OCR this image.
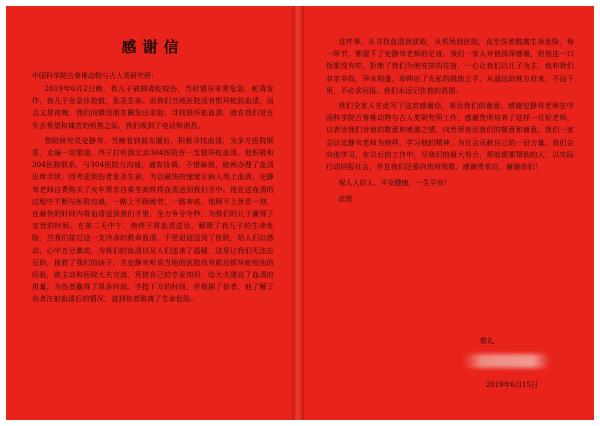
感谢信

中国科学院古脊椎动物与古人类研究所：

2019年6月2日晚，我儿子被剧毒蛇咬伤，当时情况非常危急，蛇毒发作，我儿子在急诊抢救，危及生命。而我们当地医院没有银环蛇抗血清，而且又是夜晚，我们向微信朋友圈发出求助，寻找银环蛇血清，就在我们处在失去希望和痛苦的煎熬之际，我们收到了电话和消息。

您院研究员史静耸，当晚看到朋友圈后，积极寻找血清，为多方医院联系，走遍一切渠道，终于打听到北京304医院有一支银环蛇血清，他积极和304医院联系，与304医院方沟通，通宵协调，不惜麻烦，破例办理了血清出库手续，因考虑到伤者危及生命，为以最快的速度让病人用上血清，史静耸老师自费购买了火车票亲自乘坐高铁将血清送到我们手中。他在送血清的过程中不断与医院沟通，一路上不顾疲劳，一路奔波，他顾不上休息一刻，在最快的时间内将血清送到我们手里，全力争分夺秒，为我们的儿子赢得了宝贵的时间。在第二天中午，他终于将血清送达，解除了我儿子的生命危险，当我们接过这一支冷冻的救命血清，千里迢迢送到了医院，给人们以感动，心中万分激动，为我们的血清以及人们送来了温暖，这是让我们无法忘记的，拯救了我们的孩子。当史静耸听说当地的医院没有救治银环蛇咬伤的经验，就主动和医院大夫交流，凭借自己的专业知识，给大夫建议了血清的用量，为伤者赢得了很多时间。手指下方的时间，并根据了伤者，他了解了伤者注射血清后的情况，直到伤者脱离了生命危险。

这件事，从寻找血清到获取，从机场到医院，直至伤者脱离生命危险，每一环节，都留下了史静耸老师的足迹。我们一家人对他深深感谢，但他连一口饭都没有吃，拒绝了我们为他安排的住宿，一心让我们以儿子为主。他和我们非亲非故，萍水相逢，却伸出了无私的援助之手，从遥远的地方赶来，不远千里，不必求回报。我们永远记住他的恩情。

我们全家人在此写下这封感谢信，表达我们的谢意。感谢史静耸老师在中国科学院古脊椎动物与古人类研究所工作，感谢贵所培养了这样一位好老师，以表达我们对他的敬意和感激之情，向贵所表达我们的敬意和谢意。我们一家会以史静耸老师为榜样，学习他的精神，为社会贡献自己的一份力量。我们会向他学习，在以后的工作中，尽我们的最大努力，帮助需要帮助的人，以实际行动回报社会，并且我们还要向贵所致敬，感谢贵单位，谢谢你们！

祝人人好人，平安健康，一生平安！

此致

敬礼
2019年6月15日
